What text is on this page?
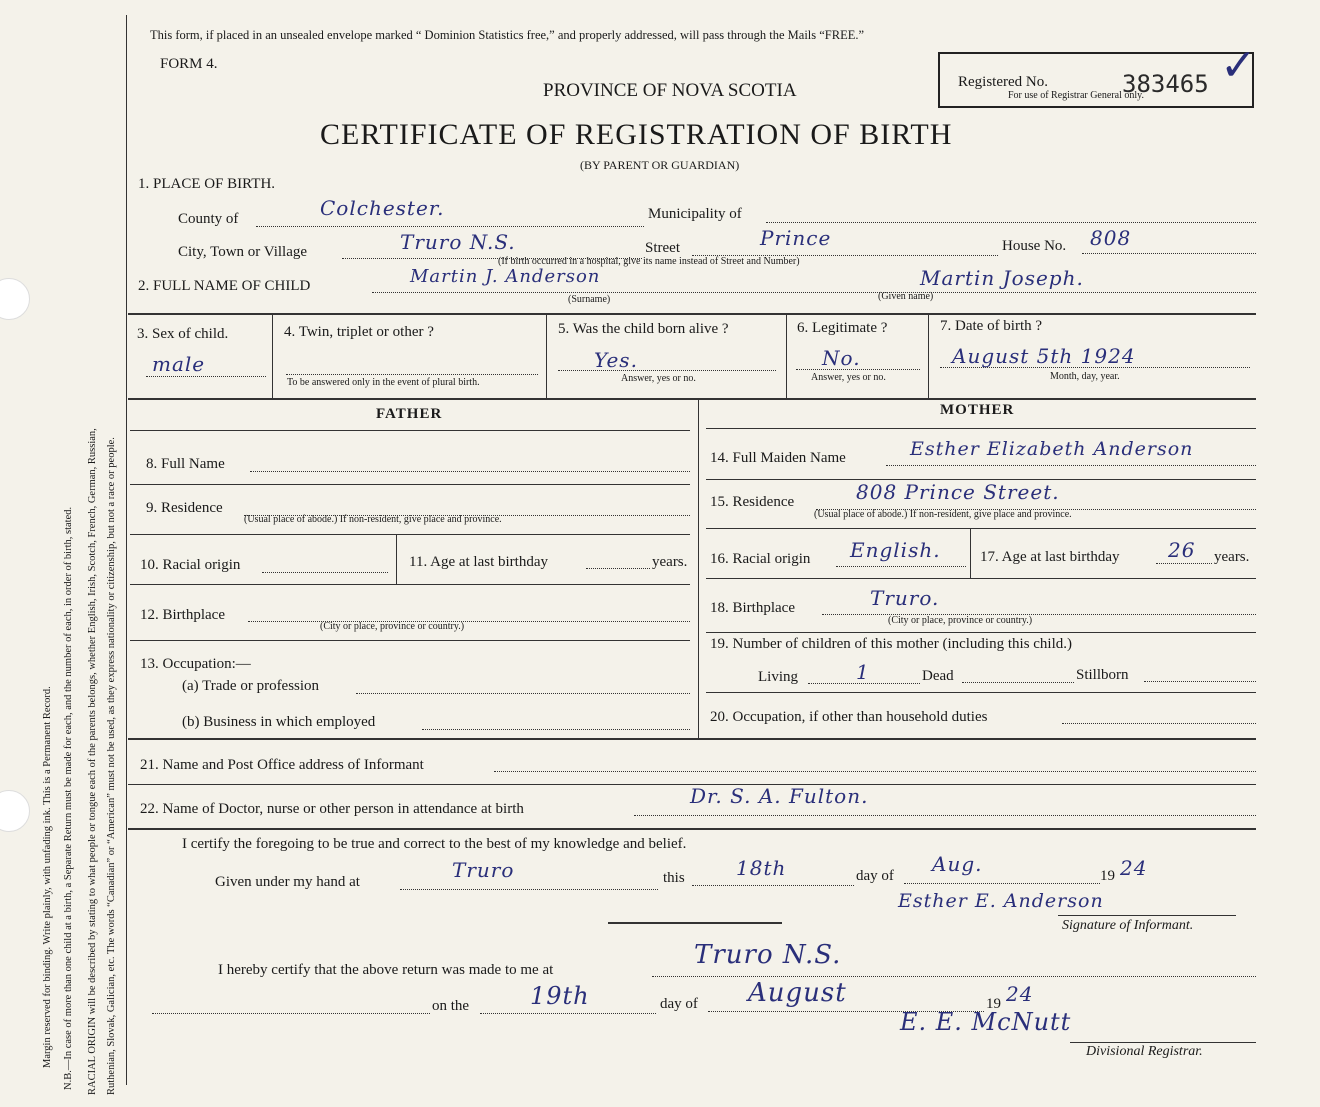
Margin reserved for binding. Write plainly, with unfading ink. This is a Permanent Record. N.B.—In case of more than one child at a birth, a Separate Return must be made for each, and the number of each, in order of birth, stated. RACIAL ORIGIN will be described by stating to what people or tongue each of the parents belongs, whether English, Irish, Scotch, French, German, Russian, Ruthenian, Slovak, Galician, etc. The words “Canadian” or “American” must not be used, as they express nationality or citizenship, but not a race or people.
This form, if placed in an unsealed envelope marked “ Dominion Statistics free,” and properly addressed, will pass through the Mails “FREE.”
FORM 4.
PROVINCE OF NOVA SCOTIA
CERTIFICATE OF REGISTRATION OF BIRTH
(BY PARENT OR GUARDIAN)
Registered No.	383465
For use of Registrar General only.
✓
1. PLACE OF BIRTH.
County of	Colchester.	Municipality of
City, Town or Village	Truro N.S.	Street	Prince	House No. 808
(If birth occurred in a hospital, give its name instead of Street and Number)
2. FULL NAME OF CHILD	Martin J. Anderson
(Surname)
Martin Joseph.
(Given name)
3. Sex of child.
male
4. Twin, triplet or other ?
To be answered only in the event of plural birth.
5. Was the child born alive ?
Yes.
Answer, yes or no.
6. Legitimate ?
No.
Answer, yes or no.
7. Date of birth ?
August 5th 1924
Month, day, year.
FATHER	MOTHER
8. Full Name
9. Residence
(Usual place of abode.) If non-resident, give place and province.
10. Racial origin	11. Age at last birthday	years.
12. Birthplace
(City or place, province or country.)
13. Occupation:—
(a) Trade or profession
(b) Business in which employed
14. Full Maiden Name	Esther Elizabeth Anderson
15. Residence	808 Prince Street.
(Usual place of abode.) If non-resident, give place and province.
16. Racial origin English.	17. Age at last birthday 26 years.
18. Birthplace	Truro.
(City or place, province or country.)
19. Number of children of this mother (including this child.)
Living	1	Dead	Stillborn
20. Occupation, if other than household duties
21. Name and Post Office address of Informant
22. Name of Doctor, nurse or other person in attendance at birth
Dr. S. A. Fulton.
I certify the foregoing to be true and correct to the best of my knowledge and belief.
Given under my hand at	Truro	this	18th	day of Aug.	19 24
Esther E. Anderson
Signature of Informant.
I hereby certify that the above return was made to me at	Truro N.S.
on the	19th	day of August	19 24
E. E. McNutt
Divisional Registrar.
